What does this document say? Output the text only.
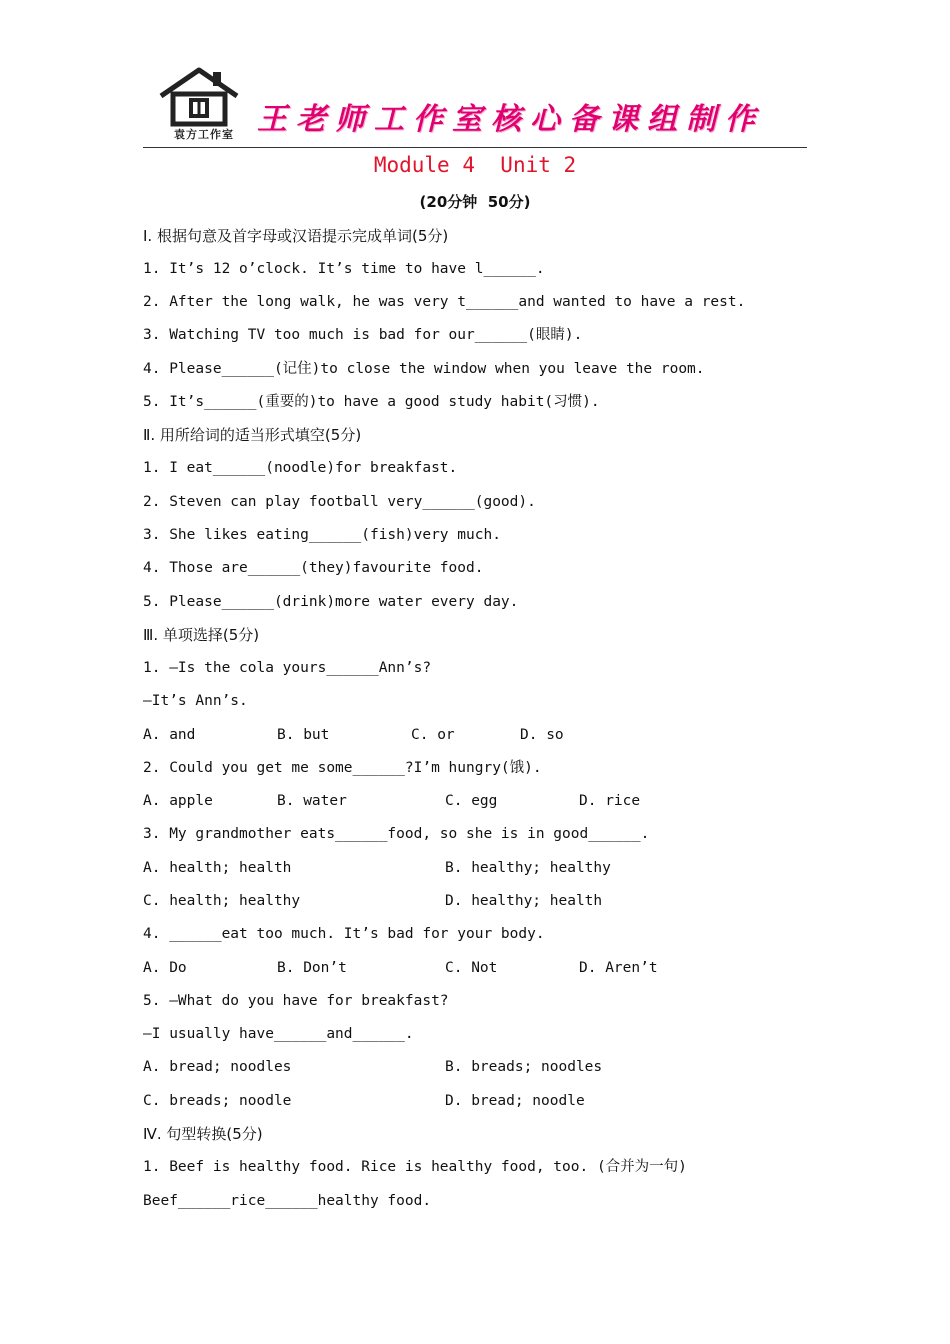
袁方工作室 王老师工作室核心备课组制作
Module 4 Unit 2
(20分钟  50分)
Ⅰ. 根据句意及首字母或汉语提示完成单词(5分)
1. It’s 12 o’clock. It’s time to have l______.
2. After the long walk, he was very t______and wanted to have a rest.
3. Watching TV too much is bad for our______(眼睛).
4. Please______(记住)to close the window when you leave the room.
5. It’s______(重要的)to have a good study habit(习惯).
Ⅱ. 用所给词的适当形式填空(5分)
1. I eat______(noodle)for breakfast.
2. Steven can play football very______(good).
3. She likes eating______(fish)very much.
4. Those are______(they)favourite food.
5. Please______(drink)more water every day.
Ⅲ. 单项选择(5分)
1. —Is the cola yours______Ann’s?
—It’s Ann’s.
A. and	B. but	C. or	D. so
2. Could you get me some______?I’m hungry(饿).
A. apple	B. water	C. egg	D. rice
3. My grandmother eats______food, so she is in good______.
A. health; health	B. healthy; healthy
C. health; healthy	D. healthy; health
4. ______eat too much. It’s bad for your body.
A. Do	B. Don’t	C. Not	D. Aren’t
5. —What do you have for breakfast?
—I usually have______and______.
A. bread; noodles	B. breads; noodles
C. breads; noodle	D. bread; noodle
Ⅳ. 句型转换(5分)
1. Beef is healthy food. Rice is healthy food, too. (合并为一句)
Beef______rice______healthy food.
